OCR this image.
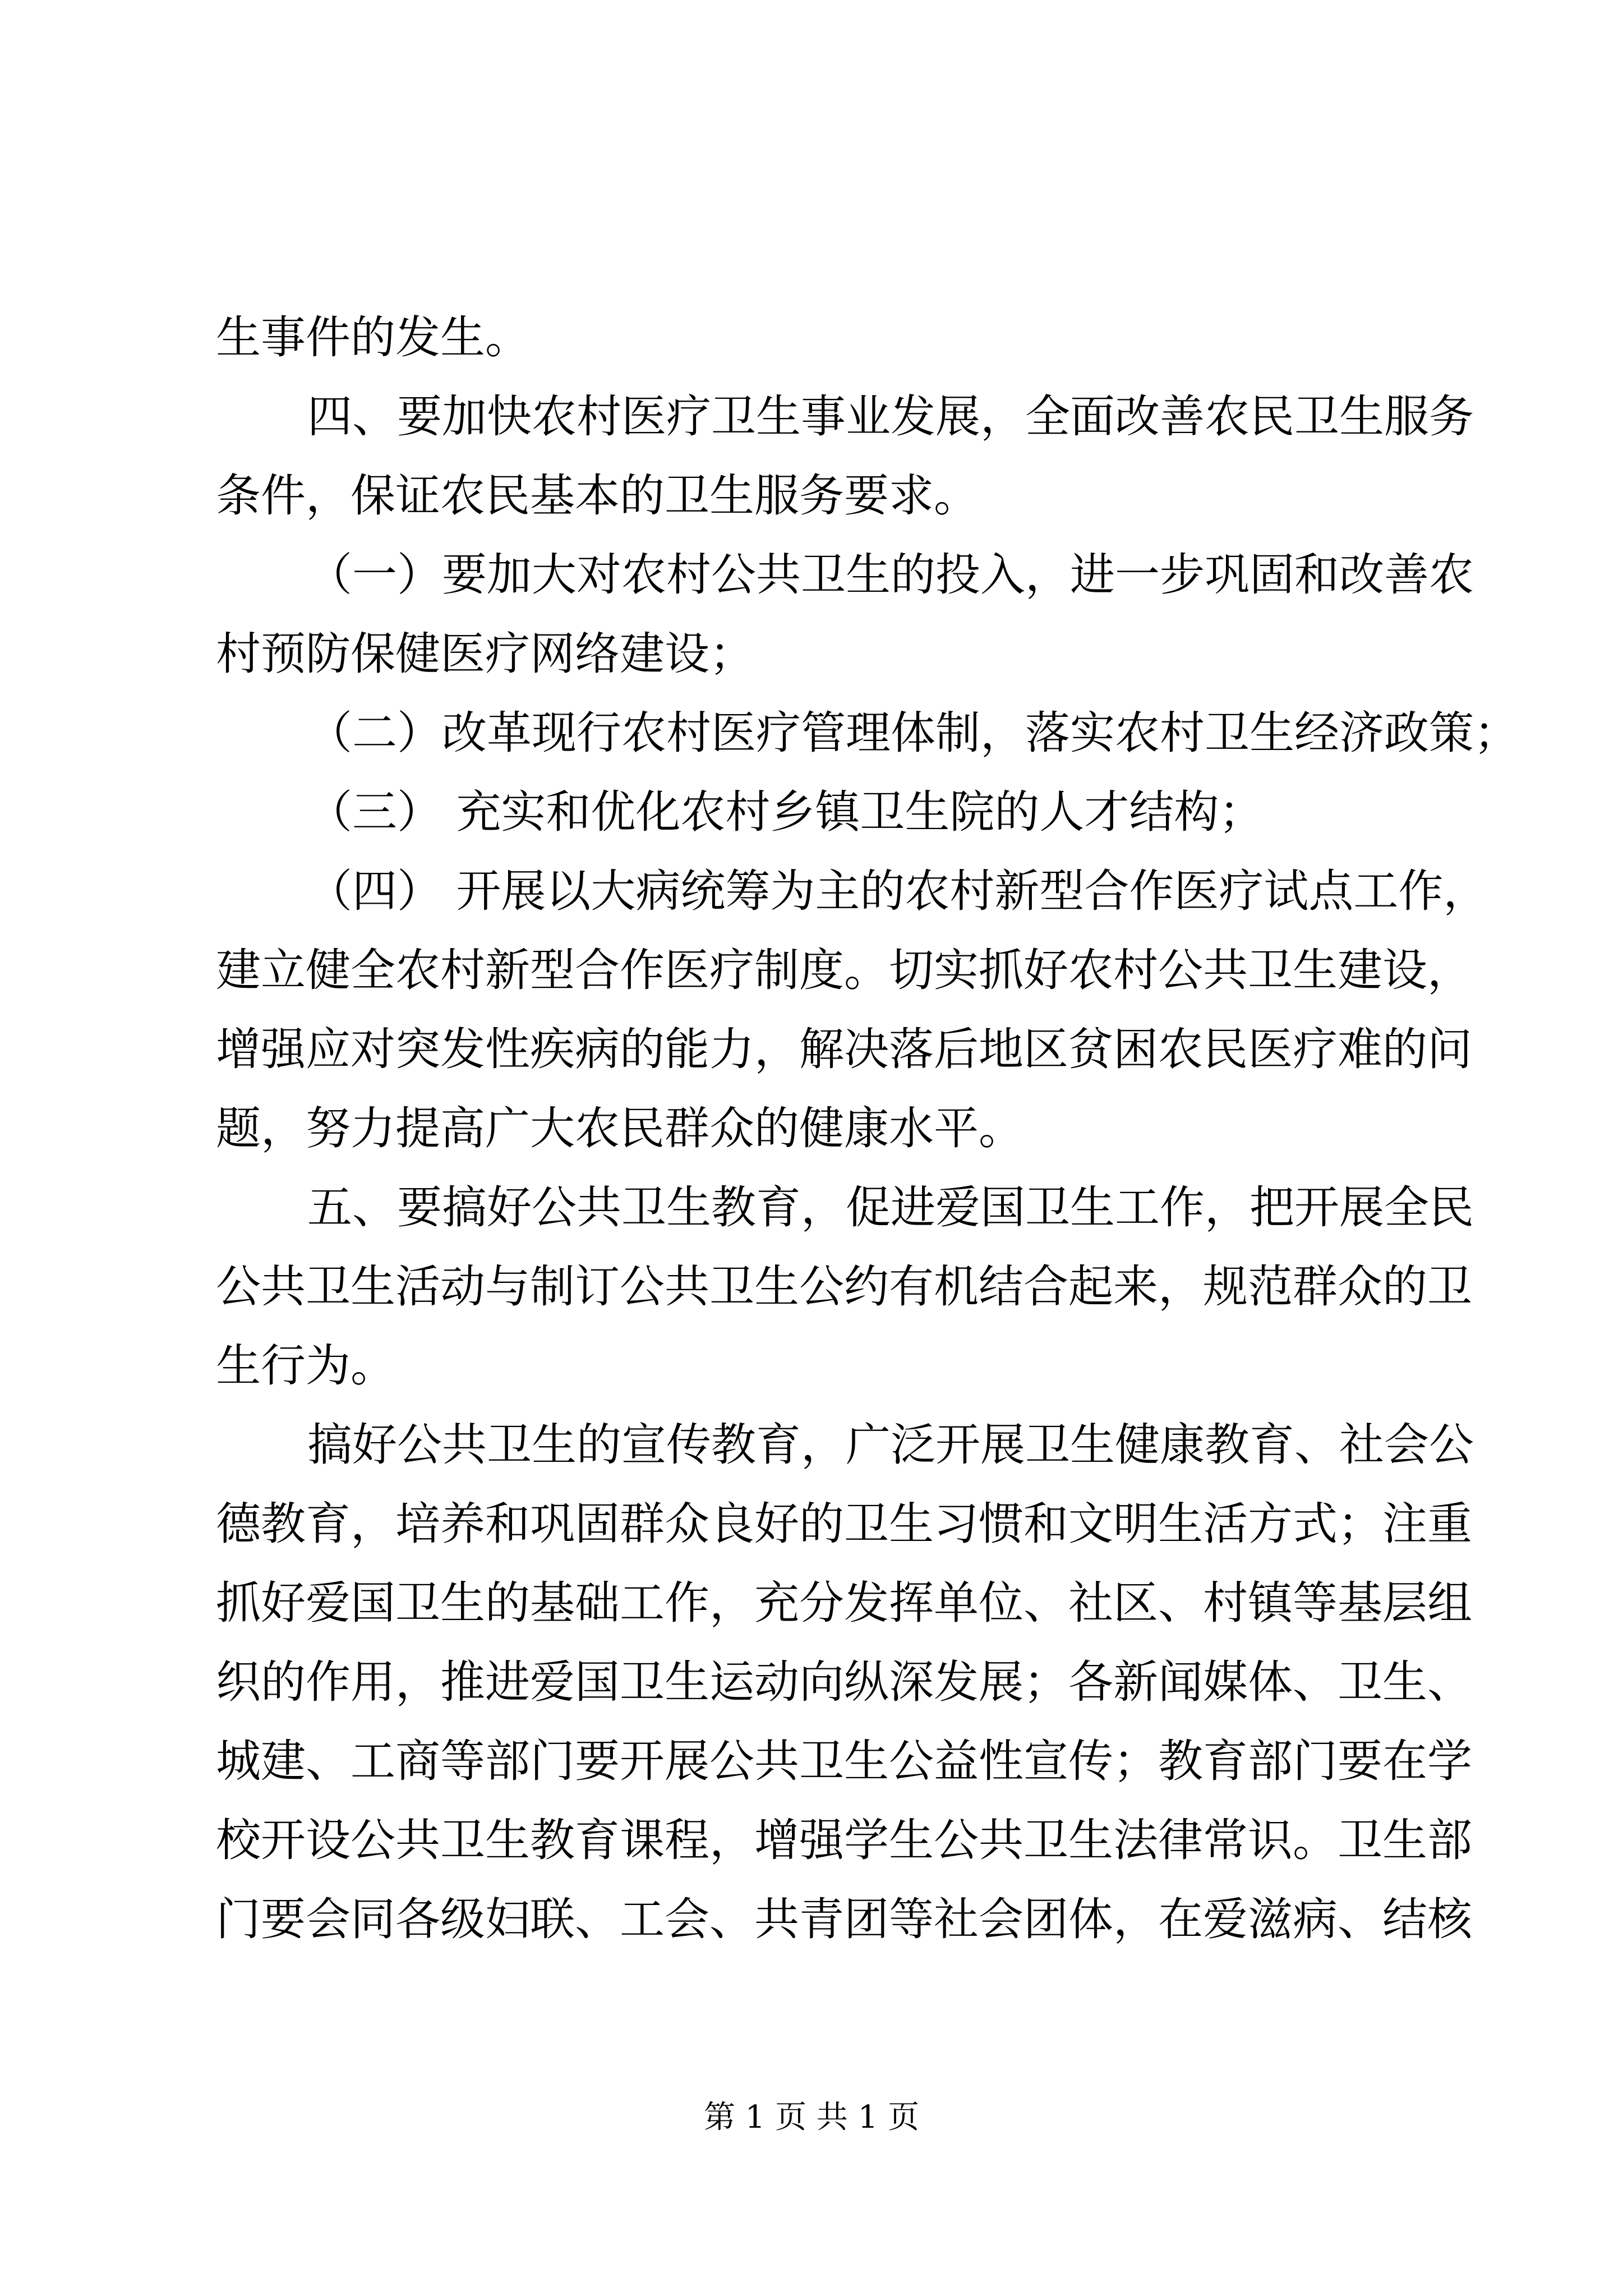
生事件的发生。
四、要加快农村医疗卫生事业发展，全面改善农民卫生服务
条件，保证农民基本的卫生服务要求。
（一）要加大对农村公共卫生的投入，进一步巩固和改善农
村预防保健医疗网络建设；
（二）改革现行农村医疗管理体制，落实农村卫生经济政策；
（三） 充实和优化农村乡镇卫生院的人才结构；
（四） 开展以大病统筹为主的农村新型合作医疗试点工作，
建立健全农村新型合作医疗制度。切实抓好农村公共卫生建设，
增强应对突发性疾病的能力，解决落后地区贫困农民医疗难的问
题，努力提高广大农民群众的健康水平。
五、要搞好公共卫生教育，促进爱国卫生工作，把开展全民
公共卫生活动与制订公共卫生公约有机结合起来，规范群众的卫
生行为。
搞好公共卫生的宣传教育，广泛开展卫生健康教育、社会公
德教育，培养和巩固群众良好的卫生习惯和文明生活方式；注重
抓好爱国卫生的基础工作，充分发挥单位、社区、村镇等基层组
织的作用，推进爱国卫生运动向纵深发展；各新闻媒体、卫生、
城建、工商等部门要开展公共卫生公益性宣传；教育部门要在学
校开设公共卫生教育课程，增强学生公共卫生法律常识。卫生部
门要会同各级妇联、工会、共青团等社会团体，在爱滋病、结核
第 1 页 共 1 页
